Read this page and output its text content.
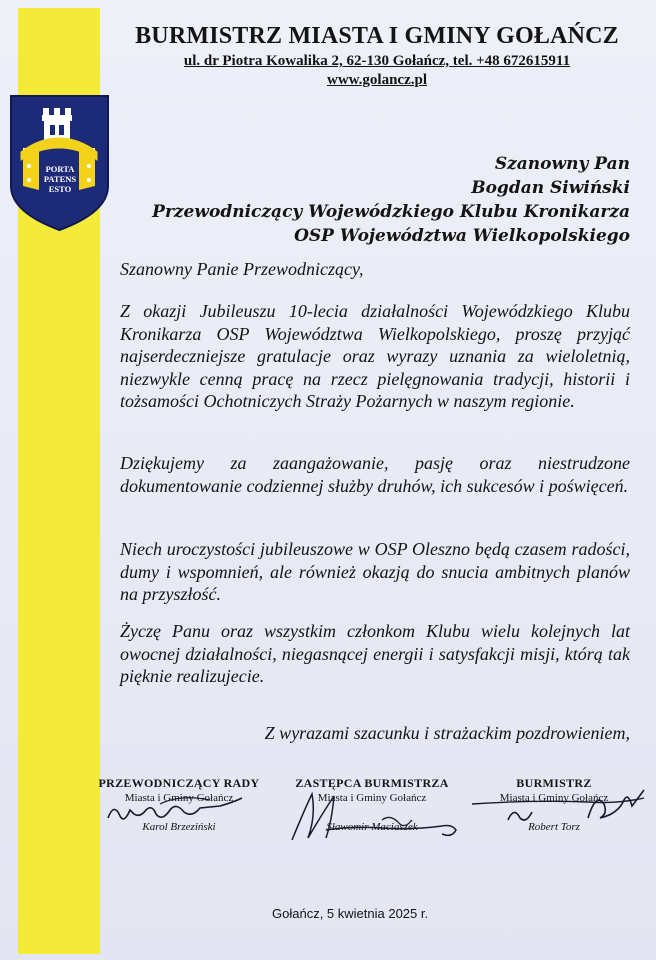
PORTA
PATENS
ESTO
BURMISTRZ MIASTA I GMINY GOŁAŃCZ
ul. dr Piotra Kowalika 2, 62-130 Gołańcz, tel. +48 672615911
www.golancz.pl
Szanowny Pan
Bogdan Siwiński
Przewodniczący Wojewódzkiego Klubu Kronikarza
OSP Województwa Wielkopolskiego
Szanowny Panie Przewodniczący,
Z okazji Jubileuszu 10-lecia działalności Wojewódzkiego Klubu Kronikarza OSP Województwa Wielkopolskiego, proszę przyjąć najserdeczniejsze gratulacje oraz wyrazy uznania za wieloletnią, niezwykle cenną pracę na rzecz pielęgnowania tradycji, historii i tożsamości Ochotniczych Straży Pożarnych w naszym regionie.
Dziękujemy za zaangażowanie, pasję oraz niestrudzone dokumentowanie codziennej służby druhów, ich sukcesów i poświęceń.
Niech uroczystości jubileuszowe w OSP Oleszno będą czasem radości, dumy i wspomnień, ale również okazją do snucia ambitnych planów na przyszłość.
Życzę Panu oraz wszystkim członkom Klubu wielu kolejnych lat owocnej działalności, niegasnącej energii i satysfakcji misji, którą tak pięknie realizujecie.
Z wyrazami szacunku i strażackim pozdrowieniem,
PRZEWODNICZĄCY RADY
Miasta i Gminy Gołańcz
Karol Brzeziński
ZASTĘPCA BURMISTRZA
Miasta i Gminy Gołańcz
Sławomir Maciaszek
BURMISTRZ
Miasta i Gminy Gołańcz
Robert Torz
Gołańcz, 5 kwietnia 2025 r.
